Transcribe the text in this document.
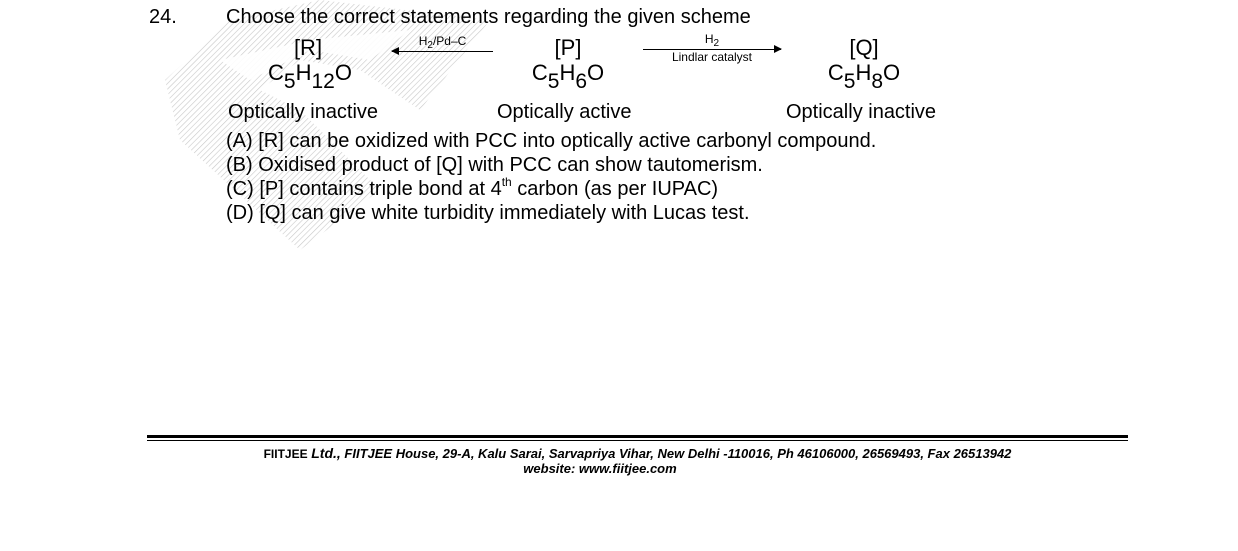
24. Choose the correct statements regarding the given scheme
[R]
C5H12O
$H_2/Pd-C$	[P]
C5H6O
$H_2$
Lindlar catalyst	[Q]
C5H8O
Optically inactive	Optically active	Optically inactive
(A) [R] can be oxidized with PCC into optically active carbonyl compound.
(B) Oxidised product of [Q] with PCC can show tautomerism.
(C) [P] contains triple bond at 4th carbon (as per IUPAC)
(D) [Q] can give white turbidity immediately with Lucas test.
FIITJEE Ltd., FIITJEE House, 29-A, Kalu Sarai, Sarvapriya Vihar, New Delhi -110016, Ph 46106000, 26569493, Fax 26513942
website: www.fiitjee.com
